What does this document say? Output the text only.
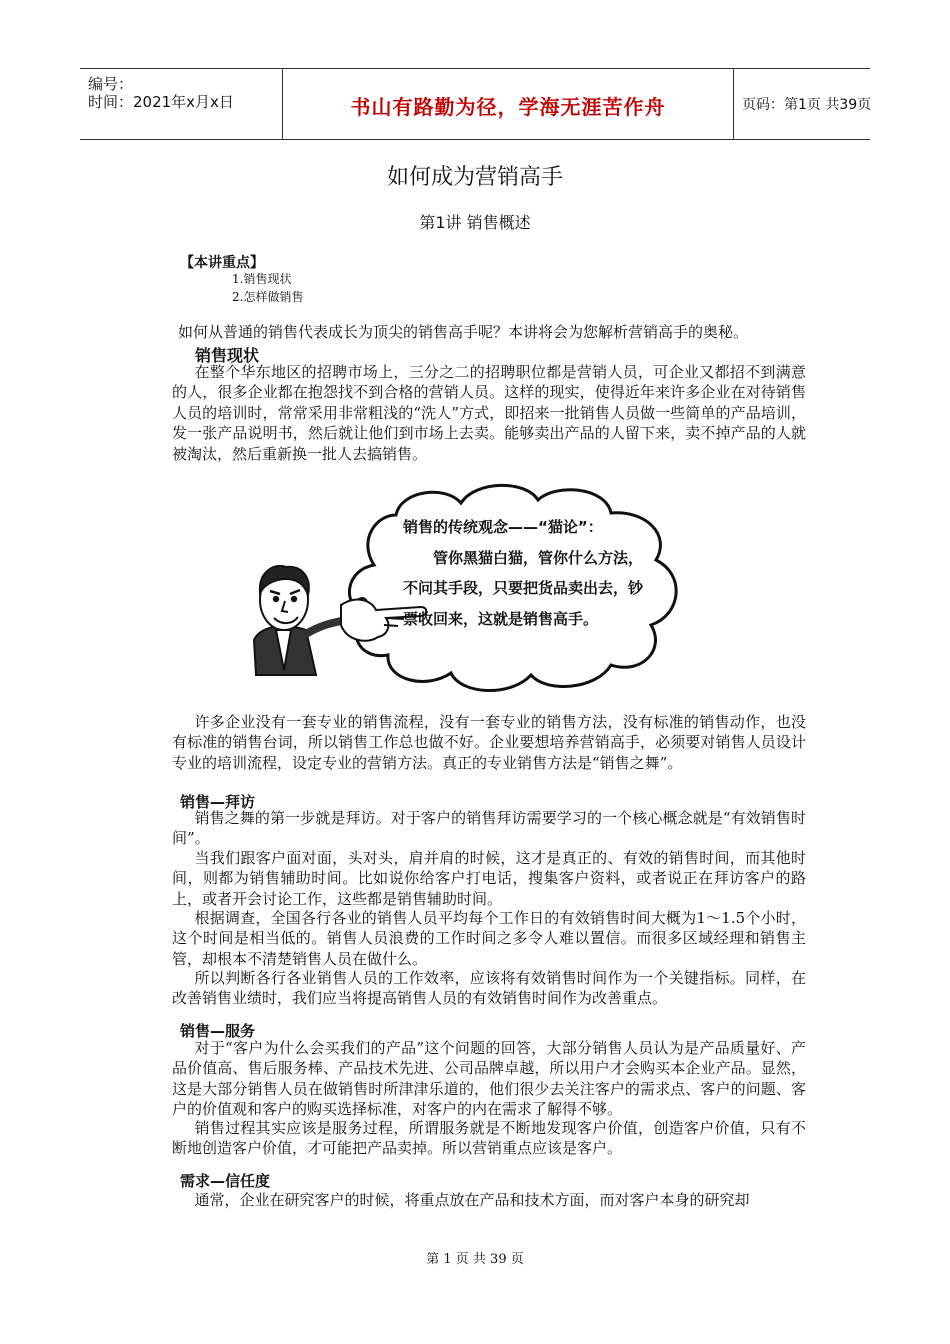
编号：
时间：2021年x月x日	书山有路勤为径，学海无涯苦作舟	页码：第1页 共39页
如何成为营销高手
第1讲 销售概述
【本讲重点】
1.销售现状
2.怎样做销售
如何从普通的销售代表成长为顶尖的销售高手呢？本讲将会为您解析营销高手的奥秘。
销售现状
在整个华东地区的招聘市场上，三分之二的招聘职位都是营销人员，可企业又都招不到满意的人，很多企业都在抱怨找不到合格的营销人员。这样的现实，使得近年来许多企业在对待销售人员的培训时，常常采用非常粗浅的“洗人”方式，即招来一批销售人员做一些简单的产品培训，发一张产品说明书，然后就让他们到市场上去卖。能够卖出产品的人留下来，卖不掉产品的人就被淘汰，然后重新换一批人去搞销售。
销售的传统观念——“猫论”：
管你黑猫白猫，管你什么方法，不问其手段，只要把货品卖出去，钞票收回来，这就是销售高手。
许多企业没有一套专业的销售流程，没有一套专业的销售方法，没有标准的销售动作，也没有标准的销售台词，所以销售工作总也做不好。企业要想培养营销高手，必须要对销售人员设计专业的培训流程，设定专业的营销方法。真正的专业销售方法是“销售之舞”。
销售—拜访
销售之舞的第一步就是拜访。对于客户的销售拜访需要学习的一个核心概念就是“有效销售时间”。
当我们跟客户面对面，头对头，肩并肩的时候，这才是真正的、有效的销售时间，而其他时间，则都为销售辅助时间。比如说你给客户打电话，搜集客户资料，或者说正在拜访客户的路上，或者开会讨论工作，这些都是销售辅助时间。
根据调查，全国各行各业的销售人员平均每个工作日的有效销售时间大概为1～1.5个小时，这个时间是相当低的。销售人员浪费的工作时间之多令人难以置信。而很多区域经理和销售主管，却根本不清楚销售人员在做什么。
所以判断各行各业销售人员的工作效率，应该将有效销售时间作为一个关键指标。同样，在改善销售业绩时，我们应当将提高销售人员的有效销售时间作为改善重点。
销售—服务
对于“客户为什么会买我们的产品”这个问题的回答，大部分销售人员认为是产品质量好、产品价值高、售后服务棒、产品技术先进、公司品牌卓越，所以用户才会购买本企业产品。显然，这是大部分销售人员在做销售时所津津乐道的，他们很少去关注客户的需求点、客户的问题、客户的价值观和客户的购买选择标准，对客户的内在需求了解得不够。
销售过程其实应该是服务过程，所谓服务就是不断地发现客户价值，创造客户价值，只有不断地创造客户价值，才可能把产品卖掉。所以营销重点应该是客户。
需求—信任度
通常，企业在研究客户的时候，将重点放在产品和技术方面，而对客户本身的研究却
第 1 页 共 39 页
